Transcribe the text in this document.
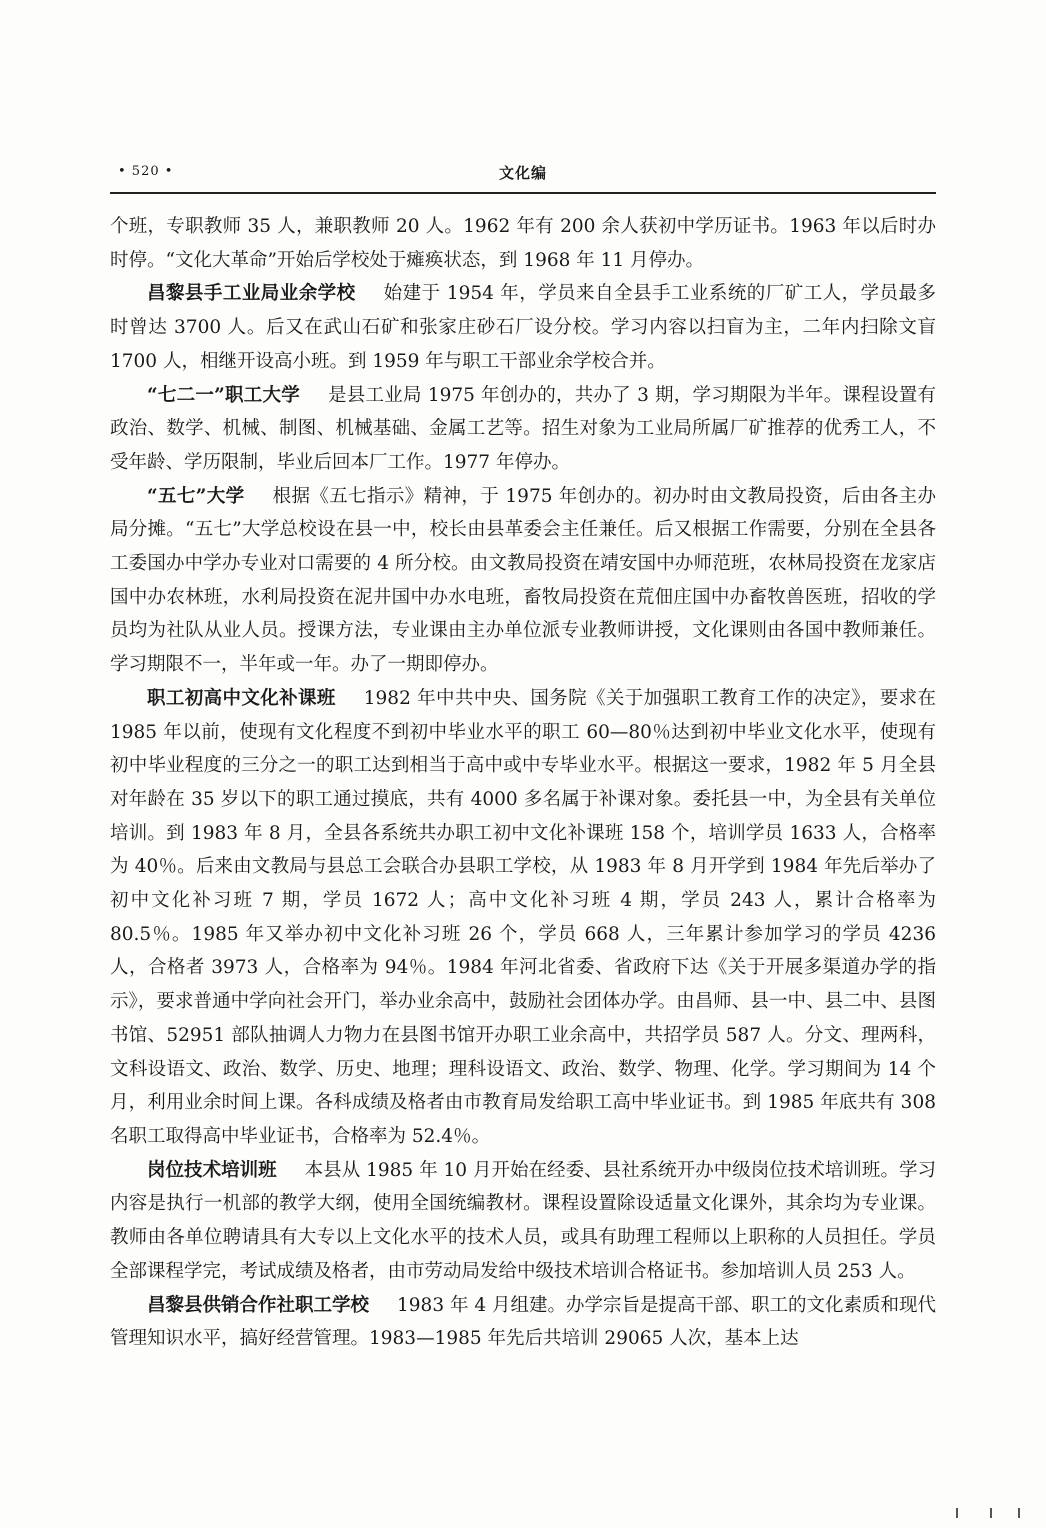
• 520 •	文化编

个班，专职教师 35 人，兼职教师 20 人。1962 年有 200 余人获初中学历证书。1963 年以后时办时停。“文化大革命”开始后学校处于瘫痪状态，到 1968 年 11 月停办。

昌黎县手工业局业余学校 始建于 1954 年，学员来自全县手工业系统的厂矿工人，学员最多时曾达 3700 人。后又在武山石矿和张家庄砂石厂设分校。学习内容以扫盲为主，二年内扫除文盲 1700 人，相继开设高小班。到 1959 年与职工干部业余学校合并。

“七二一”职工大学 是县工业局 1975 年创办的，共办了 3 期，学习期限为半年。课程设置有政治、数学、机械、制图、机械基础、金属工艺等。招生对象为工业局所属厂矿推荐的优秀工人，不受年龄、学历限制，毕业后回本厂工作。1977 年停办。

“五七”大学 根据《五七指示》精神，于 1975 年创办的。初办时由文教局投资，后由各主办局分摊。“五七”大学总校设在县一中，校长由县革委会主任兼任。后又根据工作需要，分别在全县各工委国办中学办专业对口需要的 4 所分校。由文教局投资在靖安国中办师范班，农林局投资在龙家店国中办农林班，水利局投资在泥井国中办水电班，畜牧局投资在荒佃庄国中办畜牧兽医班，招收的学员均为社队从业人员。授课方法，专业课由主办单位派专业教师讲授，文化课则由各国中教师兼任。学习期限不一，半年或一年。办了一期即停办。

职工初高中文化补课班 1982 年中共中央、国务院《关于加强职工教育工作的决定》，要求在 1985 年以前，使现有文化程度不到初中毕业水平的职工 60—80％达到初中毕业文化水平，使现有初中毕业程度的三分之一的职工达到相当于高中或中专毕业水平。根据这一要求，1982 年 5 月全县对年龄在 35 岁以下的职工通过摸底，共有 4000 多名属于补课对象。委托县一中，为全县有关单位培训。到 1983 年 8 月，全县各系统共办职工初中文化补课班 158 个，培训学员 1633 人，合格率为 40％。后来由文教局与县总工会联合办县职工学校，从 1983 年 8 月开学到 1984 年先后举办了初中文化补习班 7 期，学员 1672 人；高中文化补习班 4 期，学员 243 人，累计合格率为 80.5％。1985 年又举办初中文化补习班 26 个，学员 668 人，三年累计参加学习的学员 4236 人，合格者 3973 人，合格率为 94％。1984 年河北省委、省政府下达《关于开展多渠道办学的指示》，要求普通中学向社会开门，举办业余高中，鼓励社会团体办学。由昌师、县一中、县二中、县图书馆、52951 部队抽调人力物力在县图书馆开办职工业余高中，共招学员 587 人。分文、理两科，文科设语文、政治、数学、历史、地理；理科设语文、政治、数学、物理、化学。学习期间为 14 个月，利用业余时间上课。各科成绩及格者由市教育局发给职工高中毕业证书。到 1985 年底共有 308 名职工取得高中毕业证书，合格率为 52.4％。

岗位技术培训班 本县从 1985 年 10 月开始在经委、县社系统开办中级岗位技术培训班。学习内容是执行一机部的教学大纲，使用全国统编教材。课程设置除设适量文化课外，其余均为专业课。教师由各单位聘请具有大专以上文化水平的技术人员，或具有助理工程师以上职称的人员担任。学员全部课程学完，考试成绩及格者，由市劳动局发给中级技术培训合格证书。参加培训人员 253 人。

昌黎县供销合作社职工学校 1983 年 4 月组建。办学宗旨是提高干部、职工的文化素质和现代管理知识水平，搞好经营管理。1983—1985 年先后共培训 29065 人次，基本上达
